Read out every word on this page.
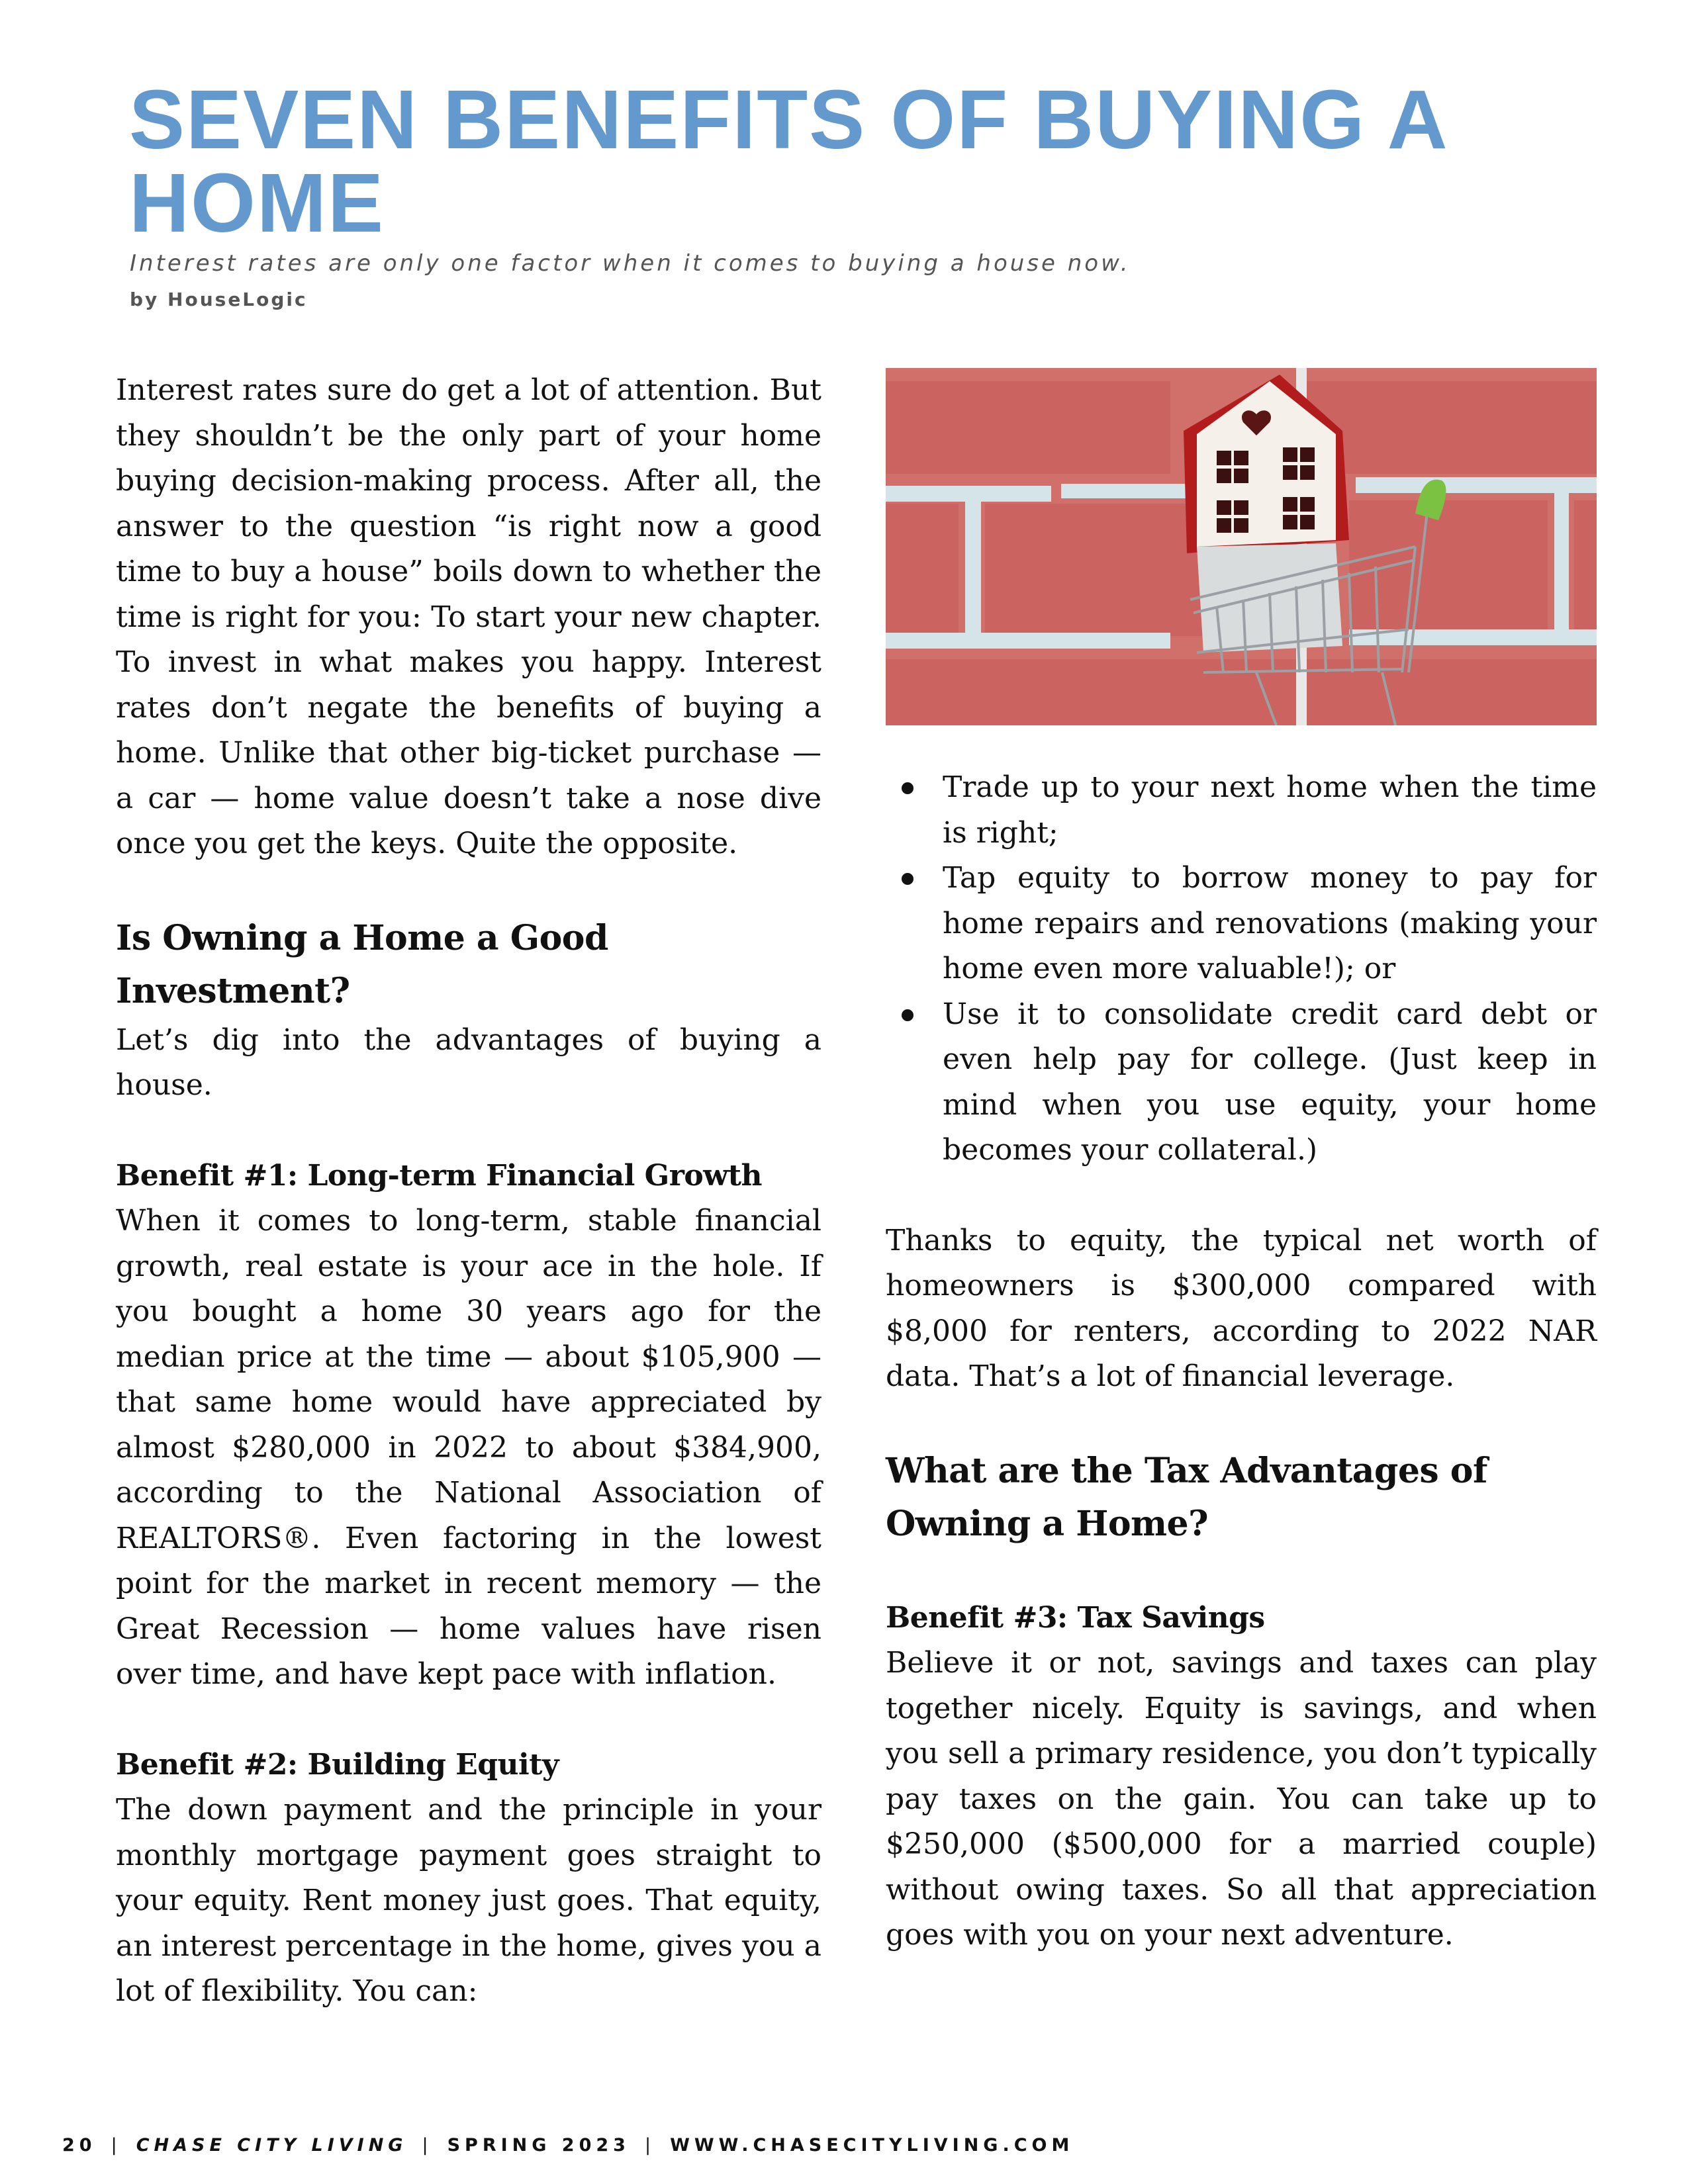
SEVEN BENEFITS OF BUYING A HOME

Interest rates are only one factor when it comes to buying a house now.

by HouseLogic

Interest rates sure do get a lot of attention. But they shouldn’t be the only part of your home buying decision-making process. After all, the answer to the question “is right now a good time to buy a house” boils down to whether the time is right for you: To start your new chapter. To invest in what makes you happy. Interest rates don’t negate the benefits of buying a home. Unlike that other big-ticket purchase — a car — home value doesn’t take a nose dive once you get the keys. Quite the opposite.

Is Owning a Home a Good Investment?

Let’s dig into the advantages of buying a house.

Benefit #1: Long-term Financial Growth

When it comes to long-term, stable financial growth, real estate is your ace in the hole. If you bought a home 30 years ago for the median price at the time — about $105,900 — that same home would have appreciated by almost $280,000 in 2022 to about $384,900, according to the National Association of REALTORS®. Even factoring in the lowest point for the market in recent memory — the Great Recession — home values have risen over time, and have kept pace with inflation.

Benefit #2: Building Equity

The down payment and the principle in your monthly mortgage payment goes straight to your equity. Rent money just goes. That equity, an interest percentage in the home, gives you a lot of flexibility. You can:

Trade up to your next home when the time is right;
Tap equity to borrow money to pay for home repairs and renovations (making your home even more valuable!); or
Use it to consolidate credit card debt or even help pay for college. (Just keep in mind when you use equity, your home becomes your collateral.)

Thanks to equity, the typical net worth of homeowners is $300,000 compared with $8,000 for renters, according to 2022 NAR data. That’s a lot of financial leverage.

What are the Tax Advantages of Owning a Home?
Benefit #3: Tax Savings

Believe it or not, savings and taxes can play together nicely. Equity is savings, and when you sell a primary residence, you don’t typically pay taxes on the gain. You can take up to $250,000 ($500,000 for a married couple) without owing taxes. So all that appreciation goes with you on your next adventure.

20 | CHASE CITY LIVING | SPRING 2023 | WWW.CHASECITYLIVING.COM
